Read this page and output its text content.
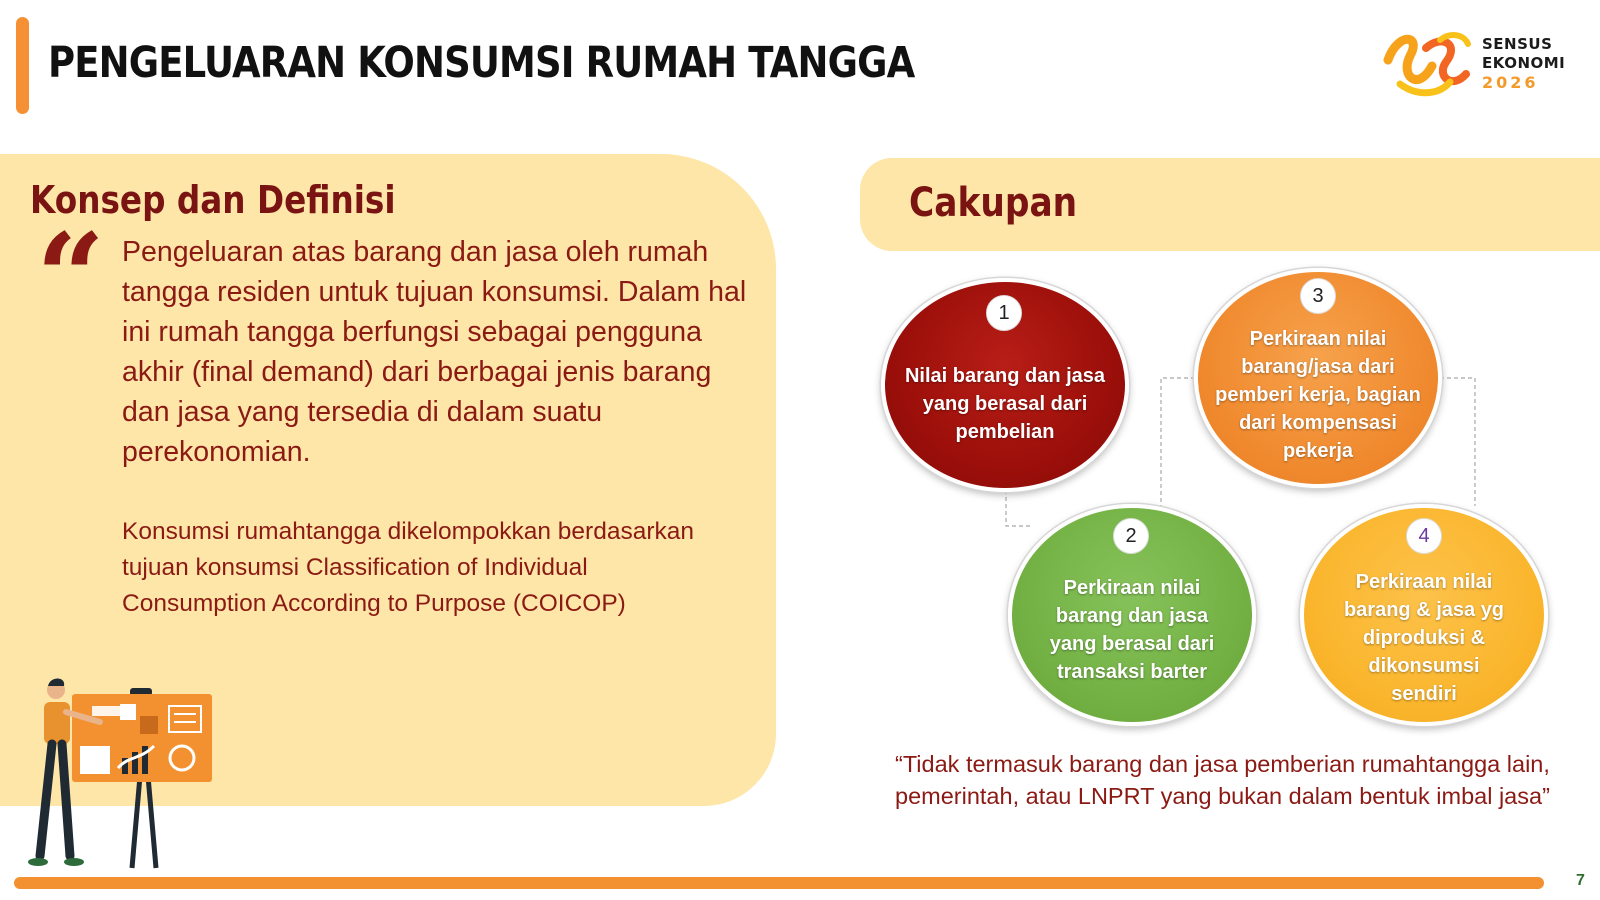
PENGELUARAN KONSUMSI RUMAH TANGGA	SENSUS
EKONOMI
2026
Konsep dan Definisi
“ Pengeluaran atas barang dan jasa oleh rumah tangga residen untuk tujuan konsumsi. Dalam hal ini rumah tangga berfungsi sebagai pengguna akhir (final demand) dari berbagai jenis barang dan jasa yang tersedia di dalam suatu perekonomian.

Konsumsi rumahtangga dikelompokkan berdasarkan tujuan konsumsi Classification of Individual Consumption According to Purpose (COICOP)

Cakupan
1
Nilai barang dan jasa yang berasal dari pembelian
3
Perkiraan nilai barang/jasa dari pemberi kerja, bagian dari kompensasi pekerja
2
Perkiraan nilai barang dan jasa yang berasal dari transaksi barter
4
Perkiraan nilai barang & jasa yg diproduksi & dikonsumsi sendiri

“Tidak termasuk barang dan jasa pemberian rumahtangga lain, pemerintah, atau LNPRT yang bukan dalam bentuk imbal jasa”

7
